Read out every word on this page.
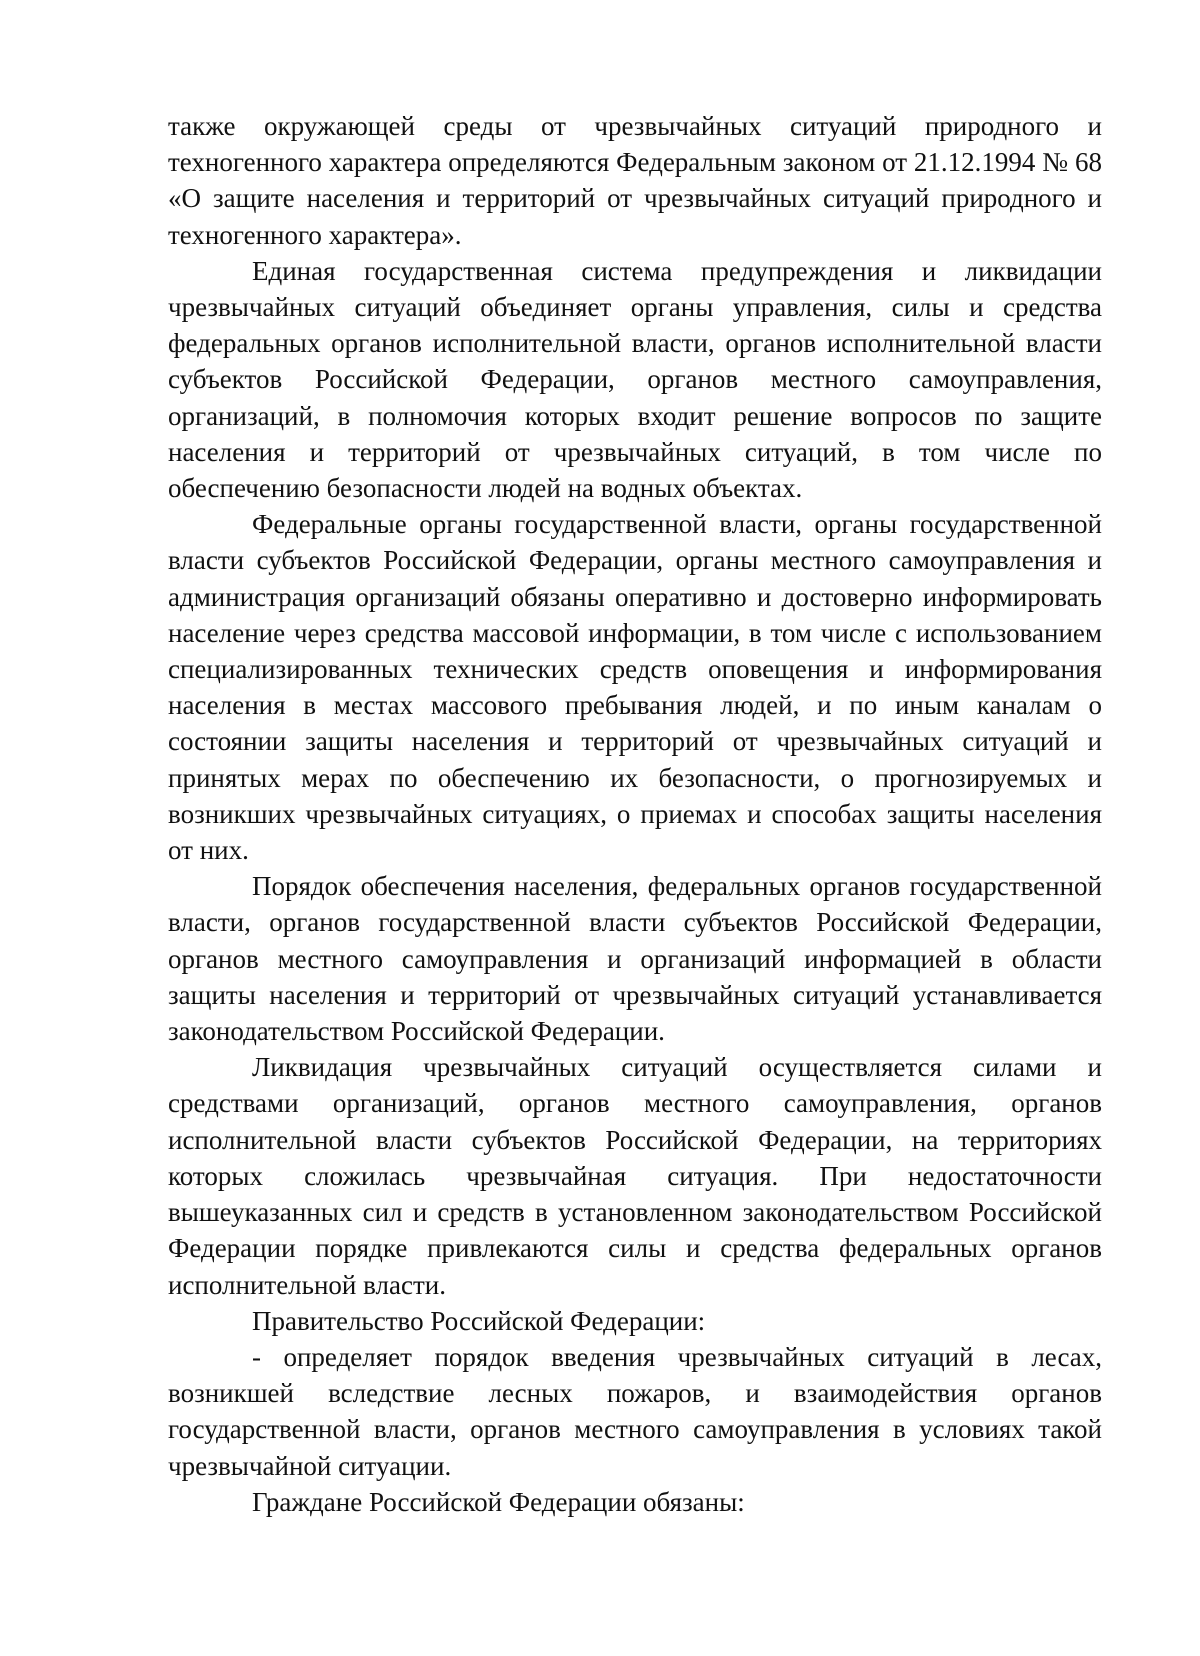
также окружающей среды от чрезвычайных ситуаций природного и техногенного характера определяются Федеральным законом от 21.12.1994 № 68 «О защите населения и территорий от чрезвычайных ситуаций природного и техногенного характера».

Единая государственная система предупреждения и ликвидации чрезвычайных ситуаций объединяет органы управления, силы и средства федеральных органов исполнительной власти, органов исполнительной власти субъектов Российской Федерации, органов местного самоуправления, организаций, в полномочия которых входит решение вопросов по защите населения и территорий от чрезвычайных ситуаций, в том числе по обеспечению безопасности людей на водных объектах.

Федеральные органы государственной власти, органы государственной власти субъектов Российской Федерации, органы местного самоуправления и администрация организаций обязаны оперативно и достоверно информировать население через средства массовой информации, в том числе с использованием специализированных технических средств оповещения и информирования населения в местах массового пребывания людей, и по иным каналам о состоянии защиты населения и территорий от чрезвычайных ситуаций и принятых мерах по обеспечению их безопасности, о прогнозируемых и возникших чрезвычайных ситуациях, о приемах и способах защиты населения от них.

Порядок обеспечения населения, федеральных органов государственной власти, органов государственной власти субъектов Российской Федерации, органов местного самоуправления и организаций информацией в области защиты населения и территорий от чрезвычайных ситуаций устанавливается законодательством Российской Федерации.

Ликвидация чрезвычайных ситуаций осуществляется силами и средствами организаций, органов местного самоуправления, органов исполнительной власти субъектов Российской Федерации, на территориях которых сложилась чрезвычайная ситуация. При недостаточности вышеуказанных сил и средств в установленном законодательством Российской Федерации порядке привлекаются силы и средства федеральных органов исполнительной власти.

Правительство Российской Федерации:

- определяет порядок введения чрезвычайных ситуаций в лесах, возникшей вследствие лесных пожаров, и взаимодействия органов государственной власти, органов местного самоуправления в условиях такой чрезвычайной ситуации.

Граждане Российской Федерации обязаны:
